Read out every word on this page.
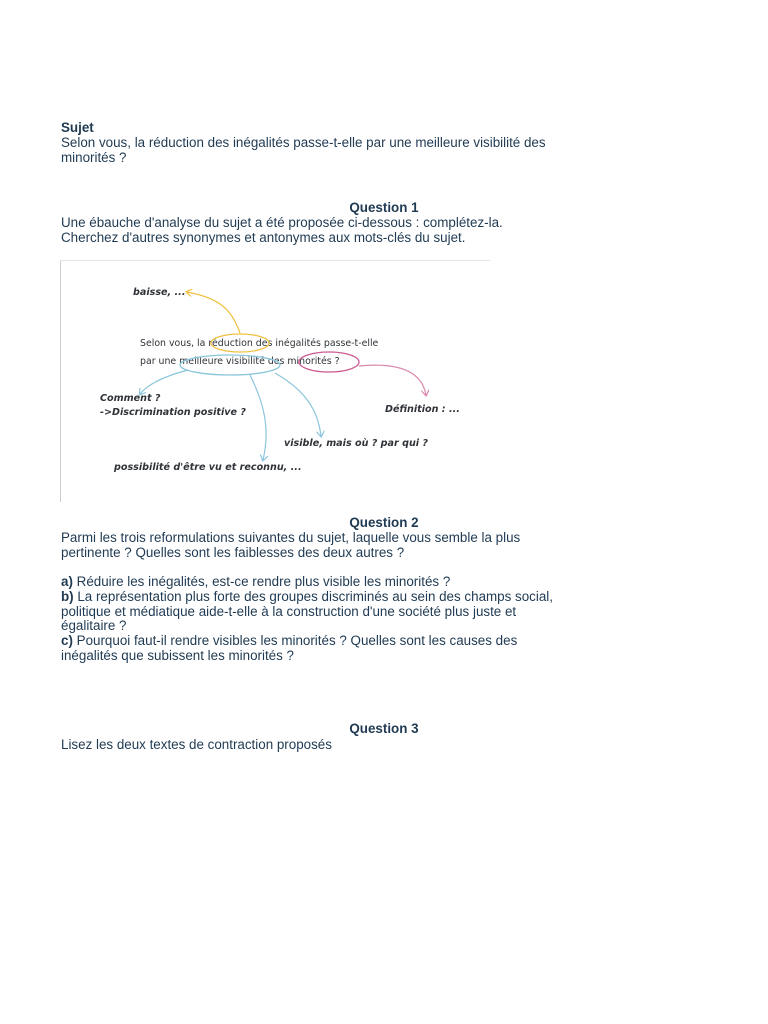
Sujet
Selon vous, la réduction des inégalités passe-t-elle par une meilleure visibilité des
minorités ?
Question 1
Une ébauche d'analyse du sujet a été proposée ci-dessous : complétez-la.
Cherchez d'autres synonymes et antonymes aux mots-clés du sujet.
Selon vous, la réduction des inégalités passe-t-elle
par une meilleure visibilité des minorités ?
baisse, ...
Comment ?
->Discrimination positive ?	Définition : ...
visible, mais où ? par qui ?
possibilité d'être vu et reconnu, ...
Question 2
Parmi les trois reformulations suivantes du sujet, laquelle vous semble la plus
pertinente ? Quelles sont les faiblesses des deux autres ?
a) Réduire les inégalités, est-ce rendre plus visible les minorités ?
b) La représentation plus forte des groupes discriminés au sein des champs social,
politique et médiatique aide-t-elle à la construction d'une société plus juste et
égalitaire ?
c) Pourquoi faut-il rendre visibles les minorités ? Quelles sont les causes des
inégalités que subissent les minorités ?
Question 3
Lisez les deux textes de contraction proposés
